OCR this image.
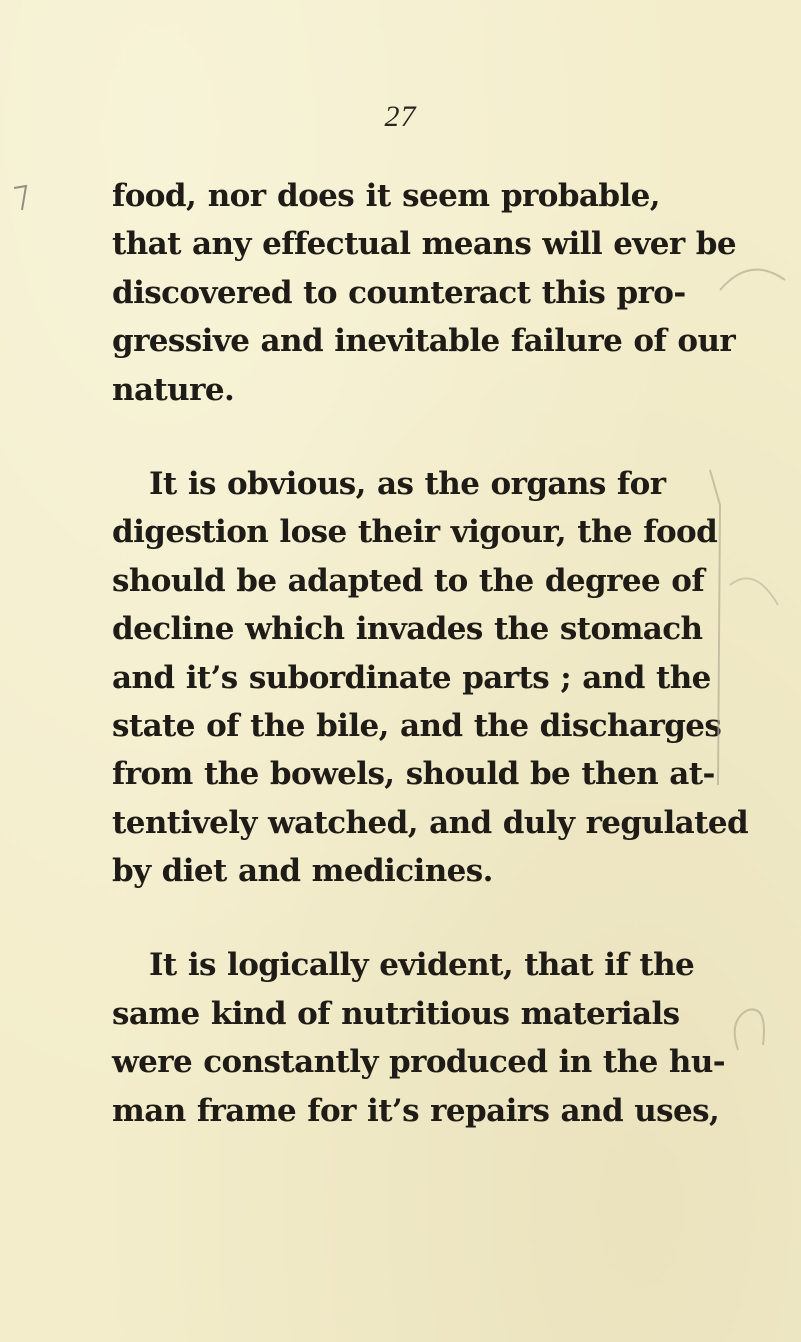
27
food, nor does it seem probable,
that any effectual means will ever be
discovered to counteract this pro-
gressive and inevitable failure of our
nature.
It is obvious, as the organs for
digestion lose their vigour, the food
should be adapted to the degree of
decline which invades the stomach
and it’s subordinate parts ; and the
state of the bile, and the discharges
from the bowels, should be then at-
tentively watched, and duly regulated
by diet and medicines.
It is logically evident, that if the
same kind of nutritious materials
were constantly produced in the hu-
man frame for it’s repairs and uses,
